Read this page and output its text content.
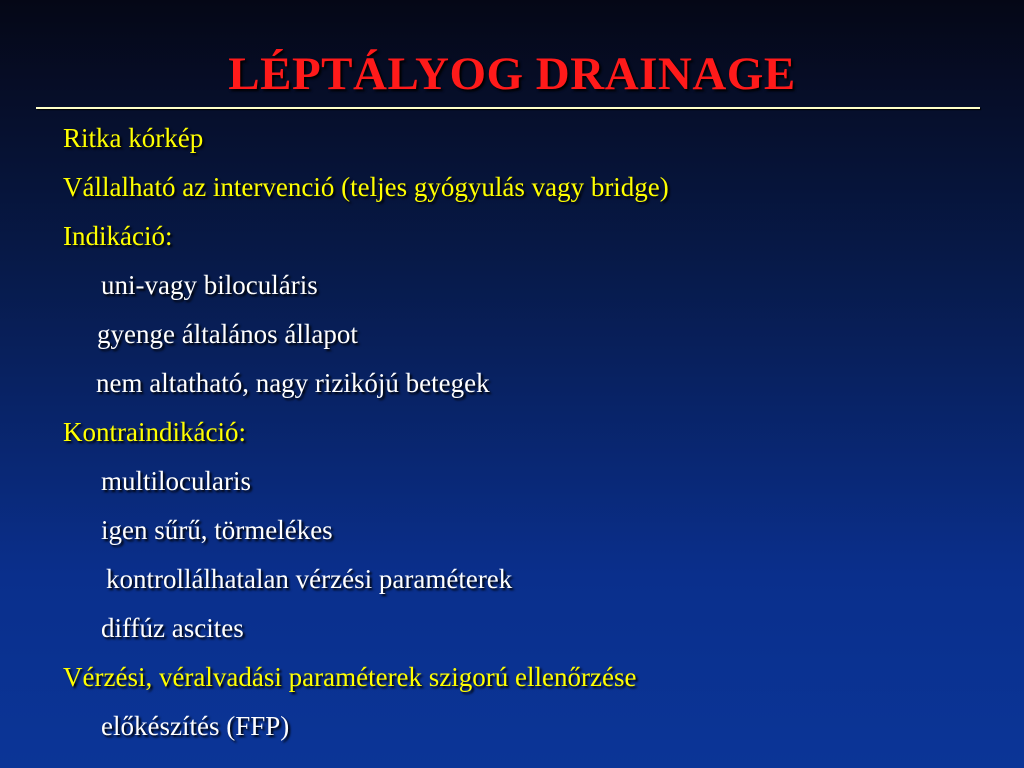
LÉPTÁLYOG DRAINAGE
Ritka kórkép
Vállalható az intervenció (teljes gyógyulás vagy bridge)
Indikáció:
uni-vagy biloculáris
gyenge általános állapot
nem altatható, nagy rizikójú betegek
Kontraindikáció:
multilocularis
igen sűrű, törmelékes
kontrollálhatalan vérzési paraméterek
diffúz ascites
Vérzési, véralvadási paraméterek szigorú ellenőrzése
előkészítés (FFP)
